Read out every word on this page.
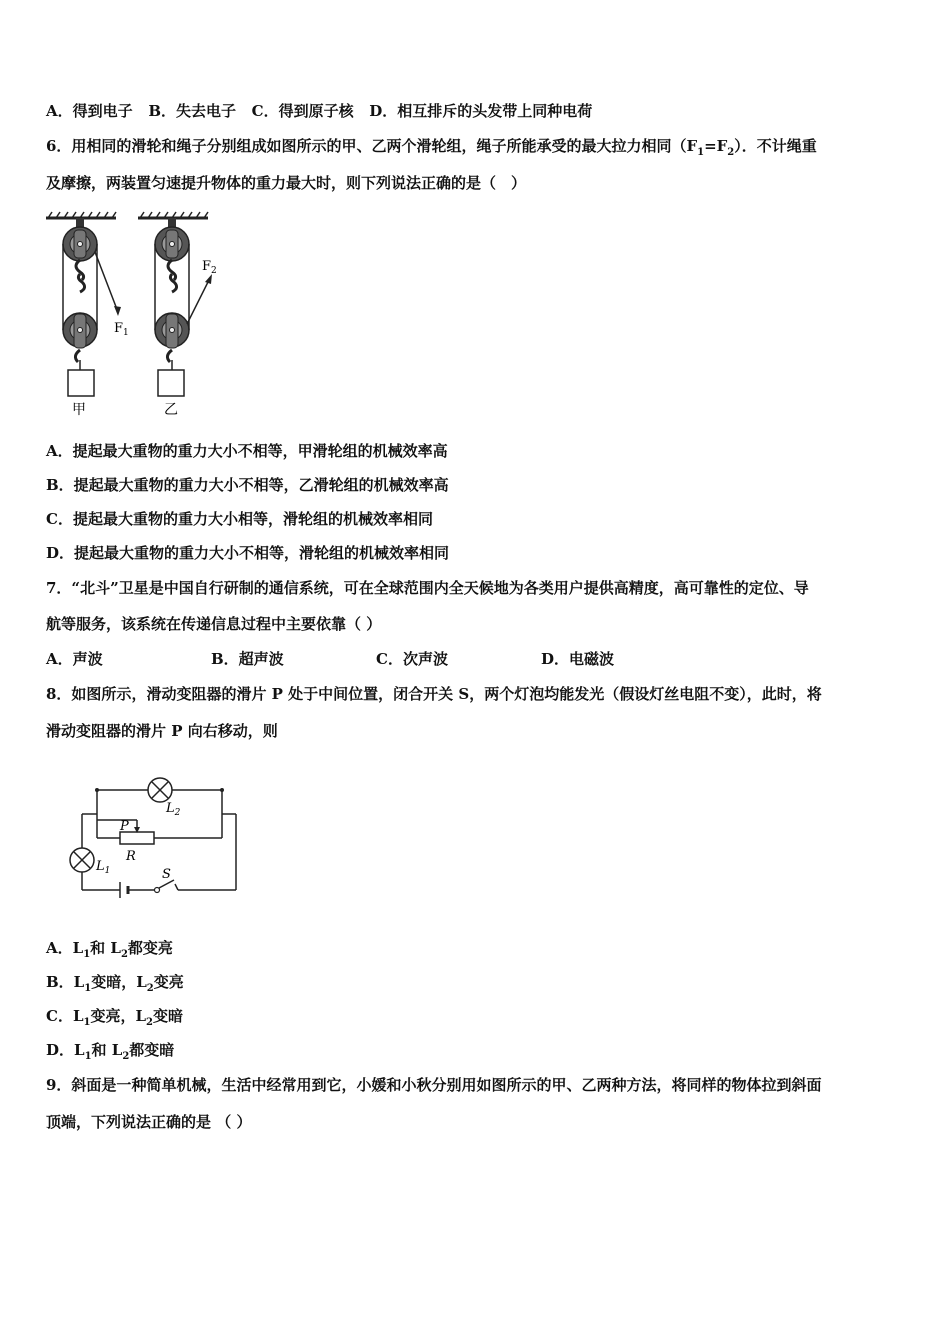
A．得到电子 B．失去电子 C．得到原子核 D．相互排斥的头发带上同种电荷
6．用相同的滑轮和绳子分别组成如图所示的甲、乙两个滑轮组，绳子所能承受的最大拉力相同$(F_1=F_2)$．不计绳重
及摩擦，两装置匀速提升物体的重力最大时，则下列说法正确的是（　）
$F_1$
甲
$F_2$
乙
A．提起最大重物的重力大小不相等，甲滑轮组的机械效率高
B．提起最大重物的重力大小不相等，乙滑轮组的机械效率高
C．提起最大重物的重力大小相等，滑轮组的机械效率相同
D．提起最大重物的重力大小不相等，滑轮组的机械效率相同
7．“北斗”卫星是中国自行研制的通信系统，可在全球范围内全天候地为各类用户提供高精度，高可靠性的定位、导
航等服务，该系统在传递信息过程中主要依靠（ ）
A．声波	B．超声波	C．次声波	D．电磁波
8．如图所示，滑动变阻器的滑片 P 处于中间位置，闭合开关 S，两个灯泡均能发光（假设灯丝电阻不变），此时，将
滑动变阻器的滑片 P 向右移动，则
$L_2$
P
R
$L_1$	S
A．$L_1$和 $L_2$都变亮
B．$L_1$变暗，$L_2$变亮
C．$L_1$变亮，$L_2$变暗
D．$L_1$和 $L_2$都变暗
9．斜面是一种简单机械，生活中经常用到它，小媛和小秋分别用如图所示的甲、乙两种方法，将同样的物体拉到斜面
顶端，下列说法正确的是 （ ）
